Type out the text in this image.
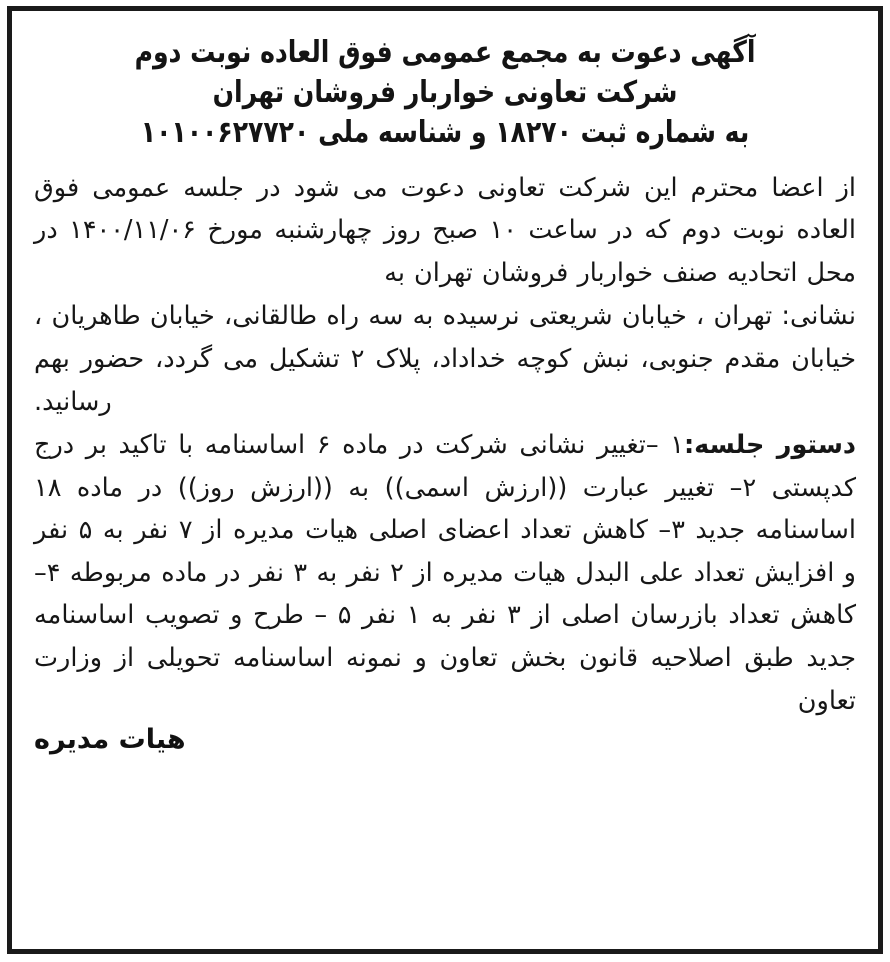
آگهی دعوت به مجمع عمومی فوق العاده نوبت دوم
شرکت تعاونی خواربار فروشان تهران
به شماره ثبت ۱۸۲۷۰ و شناسه ملی ۱۰۱۰۰۶۲۷۷۲۰

از اعضا محترم این شرکت تعاونی دعوت می شود در جلسه عمومی فوق العاده نوبت دوم که در ساعت ۱۰ صبح روز چهارشنبه مورخ ۱۴۰۰/۱۱/۰۶ در محل اتحادیه صنف خواربار فروشان تهران به

نشانی: تهران ، خیابان شریعتی نرسیده به سه راه طالقانی، خیابان طاهریان ، خیابان مقدم جنوبی، نبش کوچه خداداد، پلاک ۲ تشکیل می گردد، حضور بهم رسانید.

دستور جلسه:۱ –تغییر نشانی شرکت در ماده ۶ اساسنامه با تاکید بر درج کدپستی ۲– تغییر عبارت ((ارزش اسمی)) به ((ارزش روز)) در ماده ۱۸ اساسنامه جدید ۳– کاهش تعداد اعضای اصلی هیات مدیره از ۷ نفر به ۵ نفر و افزایش تعداد علی البدل هیات مدیره از ۲ نفر به ۳ نفر در ماده مربوطه ۴– کاهش تعداد بازرسان اصلی از ۳ نفر به ۱ نفر ۵ – طرح و تصویب اساسنامه جدید طبق اصلاحیه قانون بخش تعاون و نمونه اساسنامه تحویلی از وزارت تعاون

هیات مدیره
